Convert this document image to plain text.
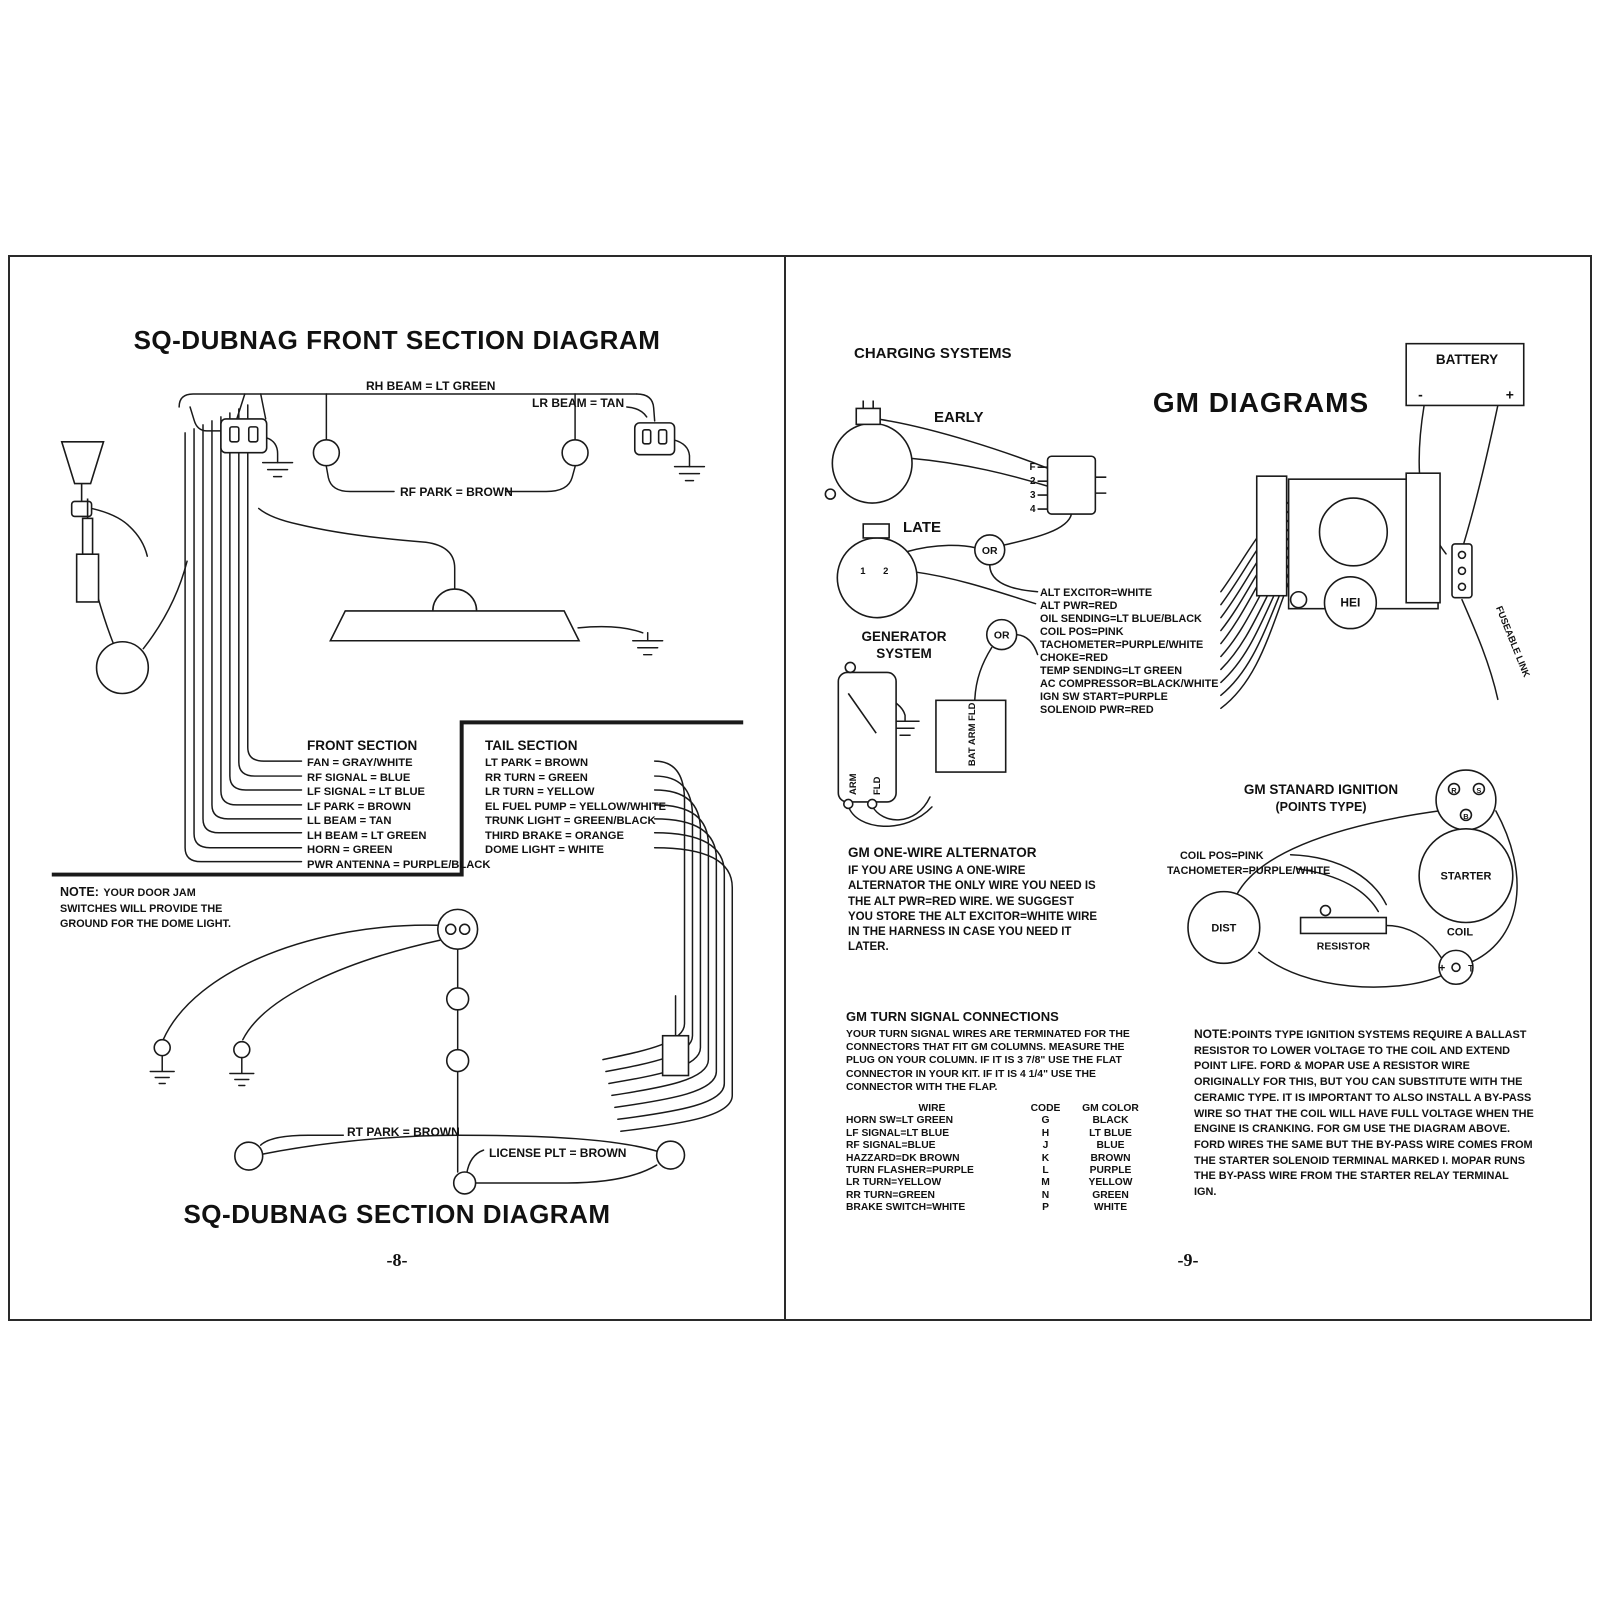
SQ-DUBNAG FRONT SECTION DIAGRAM
RH BEAM = LT GREEN
LR BEAM = TAN
RF PARK = BROWN
FRONT SECTION
FAN = GRAY/WHITE
RF SIGNAL = BLUE
LF SIGNAL = LT BLUE
LF PARK = BROWN
LL BEAM = TAN
LH BEAM = LT GREEN
HORN = GREEN
PWR ANTENNA = PURPLE/BLACK
TAIL SECTION
LT PARK = BROWN
RR TURN = GREEN
LR TURN = YELLOW
EL FUEL PUMP = YELLOW/WHITE
TRUNK LIGHT = GREEN/BLACK
THIRD BRAKE = ORANGE
DOME LIGHT = WHITE
NOTE: YOUR DOOR JAM SWITCHES WILL PROVIDE THE GROUND FOR THE DOME LIGHT.
RT PARK = BROWN
LICENSE PLT = BROWN
SQ-DUBNAG SECTION DIAGRAM
-8-
-	+
F
2
3
4
1 2
OR
OR
ARM FLD
BAT ARM FLD
HEI
FUSEABLE LINK
R	S
B
STARTER
DIST
RESISTOR
COIL
+	T
CHARGING SYSTEMS
GM DIAGRAMS
BATTERY
EARLY
LATE
GENERATOR
SYSTEM
ALT EXCITOR=WHITE
ALT PWR=RED
OIL SENDING=LT BLUE/BLACK
COIL POS=PINK
TACHOMETER=PURPLE/WHITE
CHOKE=RED
TEMP SENDING=LT GREEN
AC COMPRESSOR=BLACK/WHITE
IGN SW START=PURPLE
SOLENOID PWR=RED
GM ONE-WIRE ALTERNATOR
IF YOU ARE USING A ONE-WIRE ALTERNATOR THE ONLY WIRE YOU NEED IS THE ALT PWR=RED WIRE. WE SUGGEST YOU STORE THE ALT EXCITOR=WHITE WIRE IN THE HARNESS IN CASE YOU NEED IT LATER.
GM TURN SIGNAL CONNECTIONS
YOUR TURN SIGNAL WIRES ARE TERMINATED FOR THE CONNECTORS THAT FIT GM COLUMNS. MEASURE THE PLUG ON YOUR COLUMN. IF IT IS 3 7/8" USE THE FLAT CONNECTOR IN YOUR KIT. IF IT IS 4 1/4" USE THE CONNECTOR WITH THE FLAP.
WIRE	CODE	GM COLOR
HORN SW=LT GREEN	G	BLACK
LF SIGNAL=LT BLUE	H	LT BLUE
RF SIGNAL=BLUE	J	BLUE
HAZZARD=DK BROWN	K	BROWN
TURN FLASHER=PURPLE	L	PURPLE
LR TURN=YELLOW	M	YELLOW
RR TURN=GREEN	N	GREEN
BRAKE SWITCH=WHITE	P	WHITE
GM STANARD IGNITION
(POINTS TYPE)
COIL POS=PINK
TACHOMETER=PURPLE/WHITE
NOTE:POINTS TYPE IGNITION SYSTEMS REQUIRE A BALLAST RESISTOR TO LOWER VOLTAGE TO THE COIL AND EXTEND POINT LIFE. FORD & MOPAR USE A RESISTOR WIRE ORIGINALLY FOR THIS, BUT YOU CAN SUBSTITUTE WITH THE CERAMIC TYPE. IT IS IMPORTANT TO ALSO INSTALL A BY-PASS WIRE SO THAT THE COIL WILL HAVE FULL VOLTAGE WHEN THE ENGINE IS CRANKING. FOR GM USE THE DIAGRAM ABOVE. FORD WIRES THE SAME BUT THE BY-PASS WIRE COMES FROM THE STARTER SOLENOID TERMINAL MARKED I. MOPAR RUNS THE BY-PASS WIRE FROM THE STARTER RELAY TERMINAL IGN.
-9-
